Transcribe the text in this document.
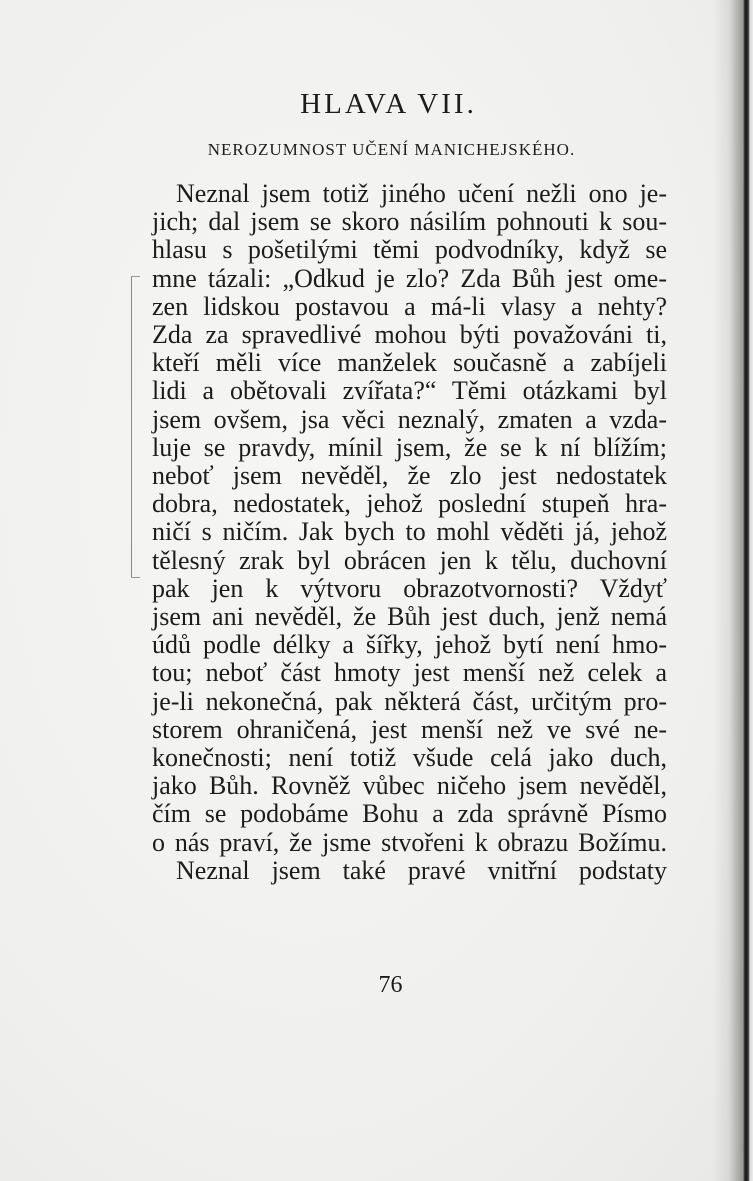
HLAVA VII.
NEROZUMNOST UČENÍ MANICHEJSKÉHO.
Neznal jsem totiž jiného učení nežli ono je-
jich; dal jsem se skoro násilím pohnouti k sou-
hlasu s pošetilými těmi podvodníky, když se
mne tázali: „Odkud je zlo? Zda Bůh jest ome-
zen lidskou postavou a má-li vlasy a nehty?
Zda za spravedlivé mohou býti považováni ti,
kteří měli více manželek současně a zabíjeli
lidi a obětovali zvířata?“ Těmi otázkami byl
jsem ovšem, jsa věci neznalý, zmaten a vzda-
luje se pravdy, mínil jsem, že se k ní blížím;
neboť jsem nevěděl, že zlo jest nedostatek
dobra, nedostatek, jehož poslední stupeň hra-
ničí s ničím. Jak bych to mohl věděti já, jehož
tělesný zrak byl obrácen jen k tělu, duchovní
pak jen k výtvoru obrazotvornosti? Vždyť
jsem ani nevěděl, že Bůh jest duch, jenž nemá
údů podle délky a šířky, jehož bytí není hmo-
tou; neboť část hmoty jest menší než celek a
je-li nekonečná, pak některá část, určitým pro-
storem ohraničená, jest menší než ve své ne-
konečnosti; není totiž všude celá jako duch,
jako Bůh. Rovněž vůbec ničeho jsem nevěděl,
čím se podobáme Bohu a zda správně Písmo
o nás praví, že jsme stvořeni k obrazu Božímu.
Neznal jsem také pravé vnitřní podstaty
76
